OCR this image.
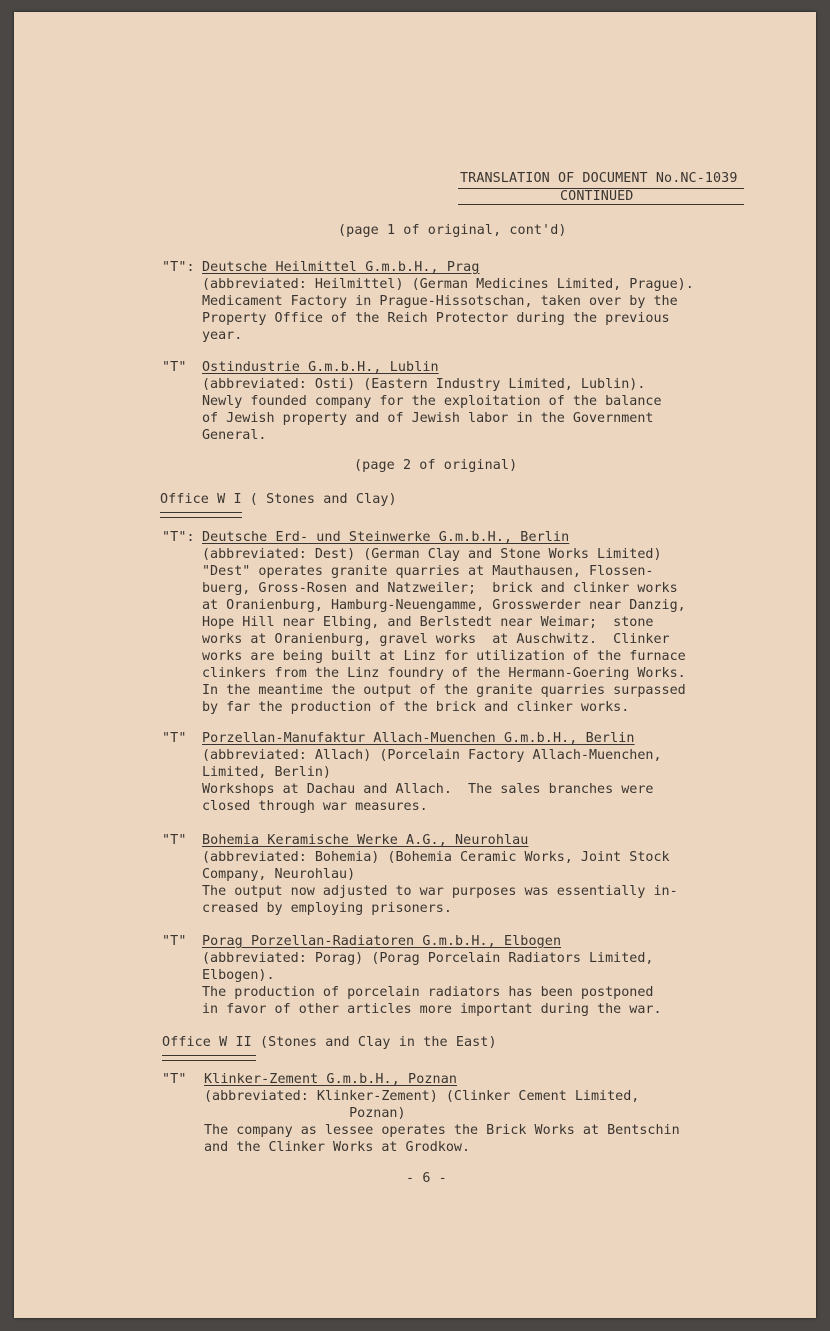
TRANSLATION OF DOCUMENT No.NC-1039
CONTINUED
(page 1 of original, cont'd)
"T": Deutsche Heilmittel G.m.b.H., Prag
(abbreviated: Heilmittel) (German Medicines Limited, Prague).
Medicament Factory in Prague-Hissotschan, taken over by the
Property Office of the Reich Protector during the previous
year.
"T" Ostindustrie G.m.b.H., Lublin
(abbreviated: Osti) (Eastern Industry Limited, Lublin).
Newly founded company for the exploitation of the balance
of Jewish property and of Jewish labor in the Government
General.
(page 2 of original)
Office W I ( Stones and Clay)
"T": Deutsche Erd- und Steinwerke G.m.b.H., Berlin
(abbreviated: Dest) (German Clay and Stone Works Limited)
"Dest" operates granite quarries at Mauthausen, Flossen-
buerg, Gross-Rosen and Natzweiler;  brick and clinker works
at Oranienburg, Hamburg-Neuengamme, Grosswerder near Danzig,
Hope Hill near Elbing, and Berlstedt near Weimar;  stone
works at Oranienburg, gravel works  at Auschwitz.  Clinker
works are being built at Linz for utilization of the furnace
clinkers from the Linz foundry of the Hermann-Goering Works.
In the meantime the output of the granite quarries surpassed
by far the production of the brick and clinker works.
"T" Porzellan-Manufaktur Allach-Muenchen G.m.b.H., Berlin
(abbreviated: Allach) (Porcelain Factory Allach-Muenchen,
Limited, Berlin)
Workshops at Dachau and Allach.  The sales branches were
closed through war measures.
"T" Bohemia Keramische Werke A.G., Neurohlau
(abbreviated: Bohemia) (Bohemia Ceramic Works, Joint Stock
Company, Neurohlau)
The output now adjusted to war purposes was essentially in-
creased by employing prisoners.
"T" Porag Porzellan-Radiatoren G.m.b.H., Elbogen
(abbreviated: Porag) (Porag Porcelain Radiators Limited,
Elbogen).
The production of porcelain radiators has been postponed
in favor of other articles more important during the war.
Office W II (Stones and Clay in the East)
"T" Klinker-Zement G.m.b.H., Poznan
(abbreviated: Klinker-Zement) (Clinker Cement Limited,
Poznan)
The company as lessee operates the Brick Works at Bentschin
and the Clinker Works at Grodkow.
- 6 -
